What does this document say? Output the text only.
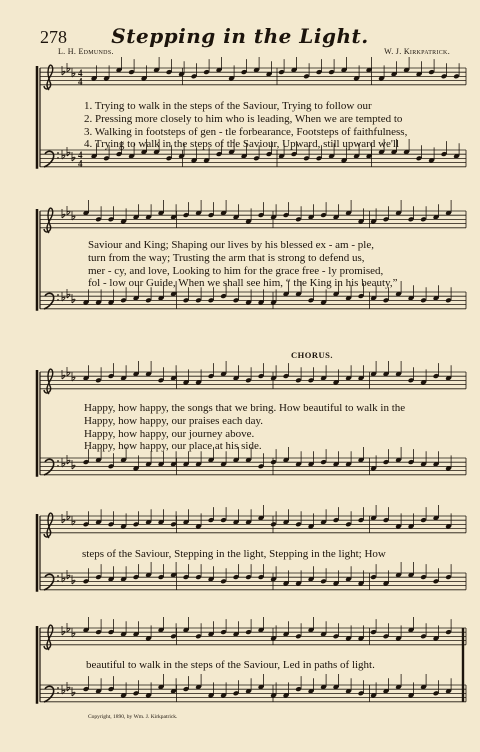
278	Stepping in the Light.
L. H. Edmunds.	W. J. Kirkpatrick.
4
4
4
4
1. Trying to walk in the steps of the Saviour, Trying to follow our
2. Pressing more closely to him who is leading, When we are tempted to
3. Walking in footsteps of gen - tle forbearance, Footsteps of faithfulness,
4. Trying to walk in the steps of the Saviour, Upward, still upward we'll
Saviour and King; Shaping our lives by his blessed ex - am - ple,
turn from the way; Trusting the arm that is strong to defend us,
mer - cy, and love, Looking to him for the grace free - ly promised,
fol - low our Guide, When we shall see him, “ the King in his beauty,”
CHORUS.
Happy, how happy, the songs that we bring. How beautiful to walk in the
Happy, how happy, our praises each day.
Happy, how happy, our journey above.
Happy, how happy, our place at his side.
steps of the Saviour, Stepping in the light, Stepping in the light; How
beautiful to walk in the steps of the Saviour, Led in paths of light.
Copyright, 1890, by Wm. J. Kirkpatrick.
